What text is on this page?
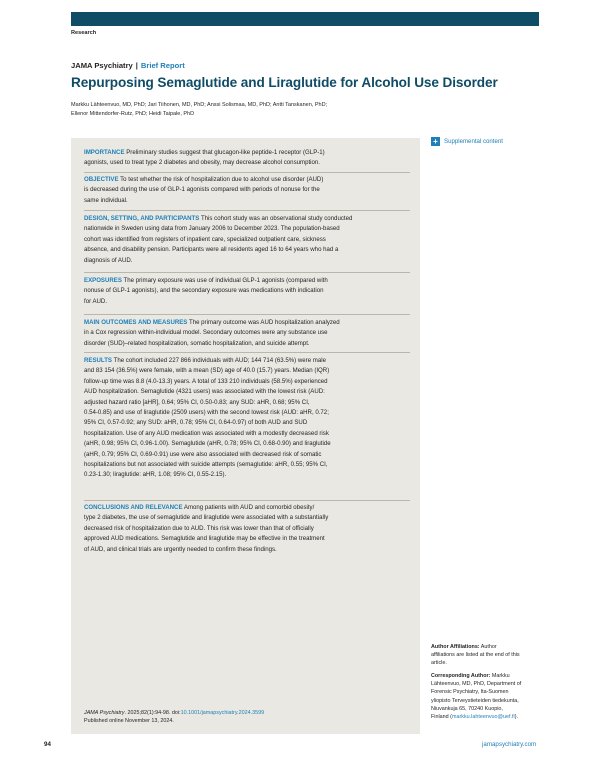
Research
JAMA Psychiatry | Brief Report
Repurposing Semaglutide and Liraglutide for Alcohol Use Disorder
Markku Lähteenvuo, MD, PhD; Jari Tiihonen, MD, PhD; Anssi Solismaa, MD, PhD; Antti Tanskanen, PhD;
Ellenor Mittendorfer-Rutz, PhD; Heidi Taipale, PhD
+	Supplemental content
IMPORTANCE Preliminary studies suggest that glucagon-like peptide-1 receptor (GLP-1)
agonists, used to treat type 2 diabetes and obesity, may decrease alcohol consumption.
OBJECTIVE To test whether the risk of hospitalization due to alcohol use disorder (AUD)
is decreased during the use of GLP-1 agonists compared with periods of nonuse for the
same individual.
DESIGN, SETTING, AND PARTICIPANTS This cohort study was an observational study conducted
nationwide in Sweden using data from January 2006 to December 2023. The population-based
cohort was identified from registers of inpatient care, specialized outpatient care, sickness
absence, and disability pension. Participants were all residents aged 16 to 64 years who had a
diagnosis of AUD.
EXPOSURES The primary exposure was use of individual GLP-1 agonists (compared with
nonuse of GLP-1 agonists), and the secondary exposure was medications with indication
for AUD.
MAIN OUTCOMES AND MEASURES The primary outcome was AUD hospitalization analyzed
in a Cox regression within-individual model. Secondary outcomes were any substance use
disorder (SUD)–related hospitalization, somatic hospitalization, and suicide attempt.
RESULTS The cohort included 227 866 individuals with AUD; 144 714 (63.5%) were male
and 83 154 (36.5%) were female, with a mean (SD) age of 40.0 (15.7) years. Median (IQR)
follow-up time was 8.8 (4.0-13.3) years. A total of 133 210 individuals (58.5%) experienced
AUD hospitalization. Semaglutide (4321 users) was associated with the lowest risk (AUD:
adjusted hazard ratio [aHR], 0.64; 95% CI, 0.50-0.83; any SUD: aHR, 0.68; 95% CI,
0.54-0.85) and use of liraglutide (2509 users) with the second lowest risk (AUD: aHR, 0.72;
95% CI, 0.57-0.92; any SUD: aHR, 0.78; 95% CI, 0.64-0.97) of both AUD and SUD
hospitalization. Use of any AUD medication was associated with a modestly decreased risk
(aHR, 0.98; 95% CI, 0.96-1.00). Semaglutide (aHR, 0.78; 95% CI, 0.68-0.90) and liraglutide
(aHR, 0.79; 95% CI, 0.69-0.91) use were also associated with decreased risk of somatic
hospitalizations but not associated with suicide attempts (semaglutide: aHR, 0.55; 95% CI,
0.23-1.30; liraglutide: aHR, 1.08; 95% CI, 0.55-2.15).
CONCLUSIONS AND RELEVANCE Among patients with AUD and comorbid obesity/
type 2 diabetes, the use of semaglutide and liraglutide were associated with a substantially
decreased risk of hospitalization due to AUD. This risk was lower than that of officially
approved AUD medications. Semaglutide and liraglutide may be effective in the treatment
of AUD, and clinical trials are urgently needed to confirm these findings.
JAMA Psychiatry. 2025;82(1):94-98. doi:10.1001/jamapsychiatry.2024.3599
Published online November 13, 2024.
Author Affiliations: Author
affiliations are listed at the end of this
article.
Corresponding Author: Markku
Lähteenvuo, MD, PhD, Department of
Forensic Psychiatry, Ita-Suomen
yliopisto Terveystieteiden tiedekunta,
Niuvankuja 65, 70240 Kuopio,
Finland (markku.lahteenvuo@uef.fi).
94	jamapsychiatry.com
